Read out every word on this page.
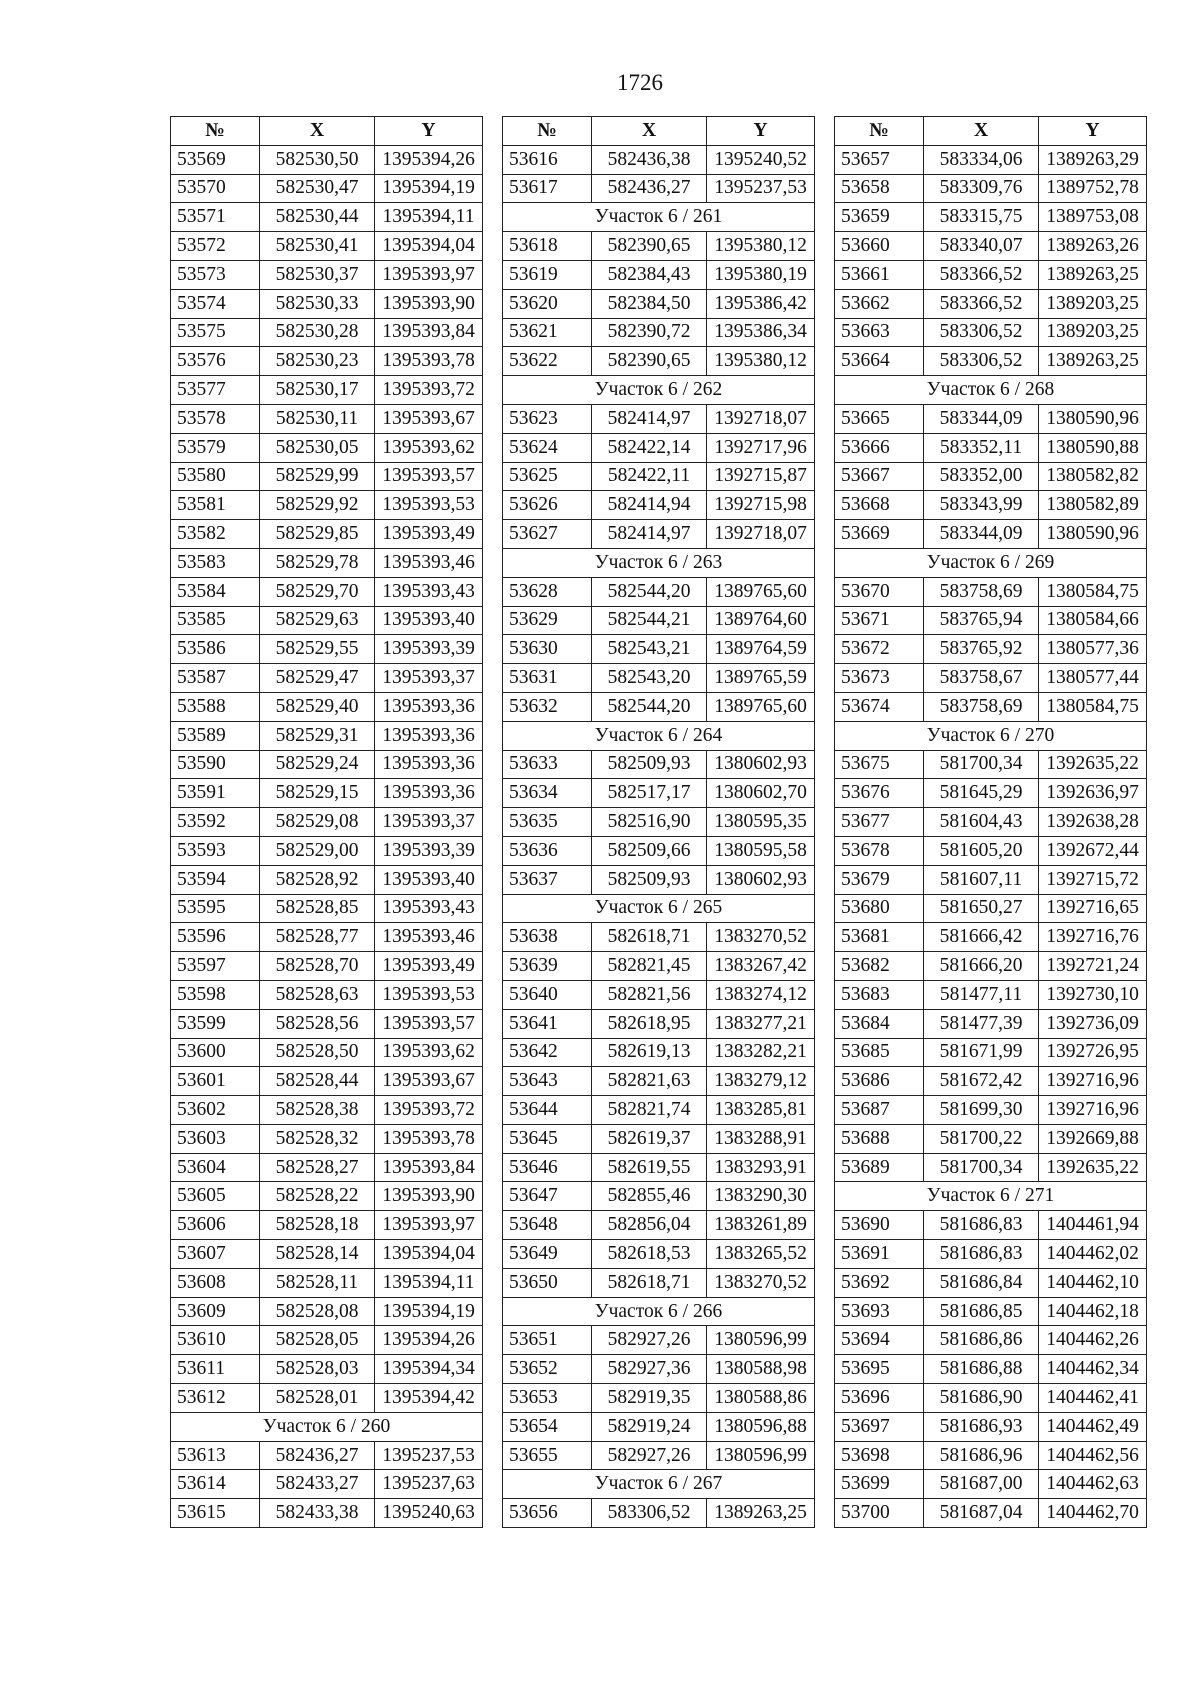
1726
№	X	Y
53569	582530,50	1395394,26
53570	582530,47	1395394,19
53571	582530,44	1395394,11
53572	582530,41	1395394,04
53573	582530,37	1395393,97
53574	582530,33	1395393,90
53575	582530,28	1395393,84
53576	582530,23	1395393,78
53577	582530,17	1395393,72
53578	582530,11	1395393,67
53579	582530,05	1395393,62
53580	582529,99	1395393,57
53581	582529,92	1395393,53
53582	582529,85	1395393,49
53583	582529,78	1395393,46
53584	582529,70	1395393,43
53585	582529,63	1395393,40
53586	582529,55	1395393,39
53587	582529,47	1395393,37
53588	582529,40	1395393,36
53589	582529,31	1395393,36
53590	582529,24	1395393,36
53591	582529,15	1395393,36
53592	582529,08	1395393,37
53593	582529,00	1395393,39
53594	582528,92	1395393,40
53595	582528,85	1395393,43
53596	582528,77	1395393,46
53597	582528,70	1395393,49
53598	582528,63	1395393,53
53599	582528,56	1395393,57
53600	582528,50	1395393,62
53601	582528,44	1395393,67
53602	582528,38	1395393,72
53603	582528,32	1395393,78
53604	582528,27	1395393,84
53605	582528,22	1395393,90
53606	582528,18	1395393,97
53607	582528,14	1395394,04
53608	582528,11	1395394,11
53609	582528,08	1395394,19
53610	582528,05	1395394,26
53611	582528,03	1395394,34
53612	582528,01	1395394,42
Участок 6 / 260		
53613	582436,27	1395237,53
53614	582433,27	1395237,63
53615	582433,38	1395240,63
№	X	Y
53616	582436,38	1395240,52
53617	582436,27	1395237,53
Участок 6 / 261		
53618	582390,65	1395380,12
53619	582384,43	1395380,19
53620	582384,50	1395386,42
53621	582390,72	1395386,34
53622	582390,65	1395380,12
Участок 6 / 262		
53623	582414,97	1392718,07
53624	582422,14	1392717,96
53625	582422,11	1392715,87
53626	582414,94	1392715,98
53627	582414,97	1392718,07
Участок 6 / 263		
53628	582544,20	1389765,60
53629	582544,21	1389764,60
53630	582543,21	1389764,59
53631	582543,20	1389765,59
53632	582544,20	1389765,60
Участок 6 / 264		
53633	582509,93	1380602,93
53634	582517,17	1380602,70
53635	582516,90	1380595,35
53636	582509,66	1380595,58
53637	582509,93	1380602,93
Участок 6 / 265		
53638	582618,71	1383270,52
53639	582821,45	1383267,42
53640	582821,56	1383274,12
53641	582618,95	1383277,21
53642	582619,13	1383282,21
53643	582821,63	1383279,12
53644	582821,74	1383285,81
53645	582619,37	1383288,91
53646	582619,55	1383293,91
53647	582855,46	1383290,30
53648	582856,04	1383261,89
53649	582618,53	1383265,52
53650	582618,71	1383270,52
Участок 6 / 266		
53651	582927,26	1380596,99
53652	582927,36	1380588,98
53653	582919,35	1380588,86
53654	582919,24	1380596,88
53655	582927,26	1380596,99
Участок 6 / 267		
53656	583306,52	1389263,25
№	X	Y
53657	583334,06	1389263,29
53658	583309,76	1389752,78
53659	583315,75	1389753,08
53660	583340,07	1389263,26
53661	583366,52	1389263,25
53662	583366,52	1389203,25
53663	583306,52	1389203,25
53664	583306,52	1389263,25
Участок 6 / 268		
53665	583344,09	1380590,96
53666	583352,11	1380590,88
53667	583352,00	1380582,82
53668	583343,99	1380582,89
53669	583344,09	1380590,96
Участок 6 / 269		
53670	583758,69	1380584,75
53671	583765,94	1380584,66
53672	583765,92	1380577,36
53673	583758,67	1380577,44
53674	583758,69	1380584,75
Участок 6 / 270		
53675	581700,34	1392635,22
53676	581645,29	1392636,97
53677	581604,43	1392638,28
53678	581605,20	1392672,44
53679	581607,11	1392715,72
53680	581650,27	1392716,65
53681	581666,42	1392716,76
53682	581666,20	1392721,24
53683	581477,11	1392730,10
53684	581477,39	1392736,09
53685	581671,99	1392726,95
53686	581672,42	1392716,96
53687	581699,30	1392716,96
53688	581700,22	1392669,88
53689	581700,34	1392635,22
Участок 6 / 271		
53690	581686,83	1404461,94
53691	581686,83	1404462,02
53692	581686,84	1404462,10
53693	581686,85	1404462,18
53694	581686,86	1404462,26
53695	581686,88	1404462,34
53696	581686,90	1404462,41
53697	581686,93	1404462,49
53698	581686,96	1404462,56
53699	581687,00	1404462,63
53700	581687,04	1404462,70
